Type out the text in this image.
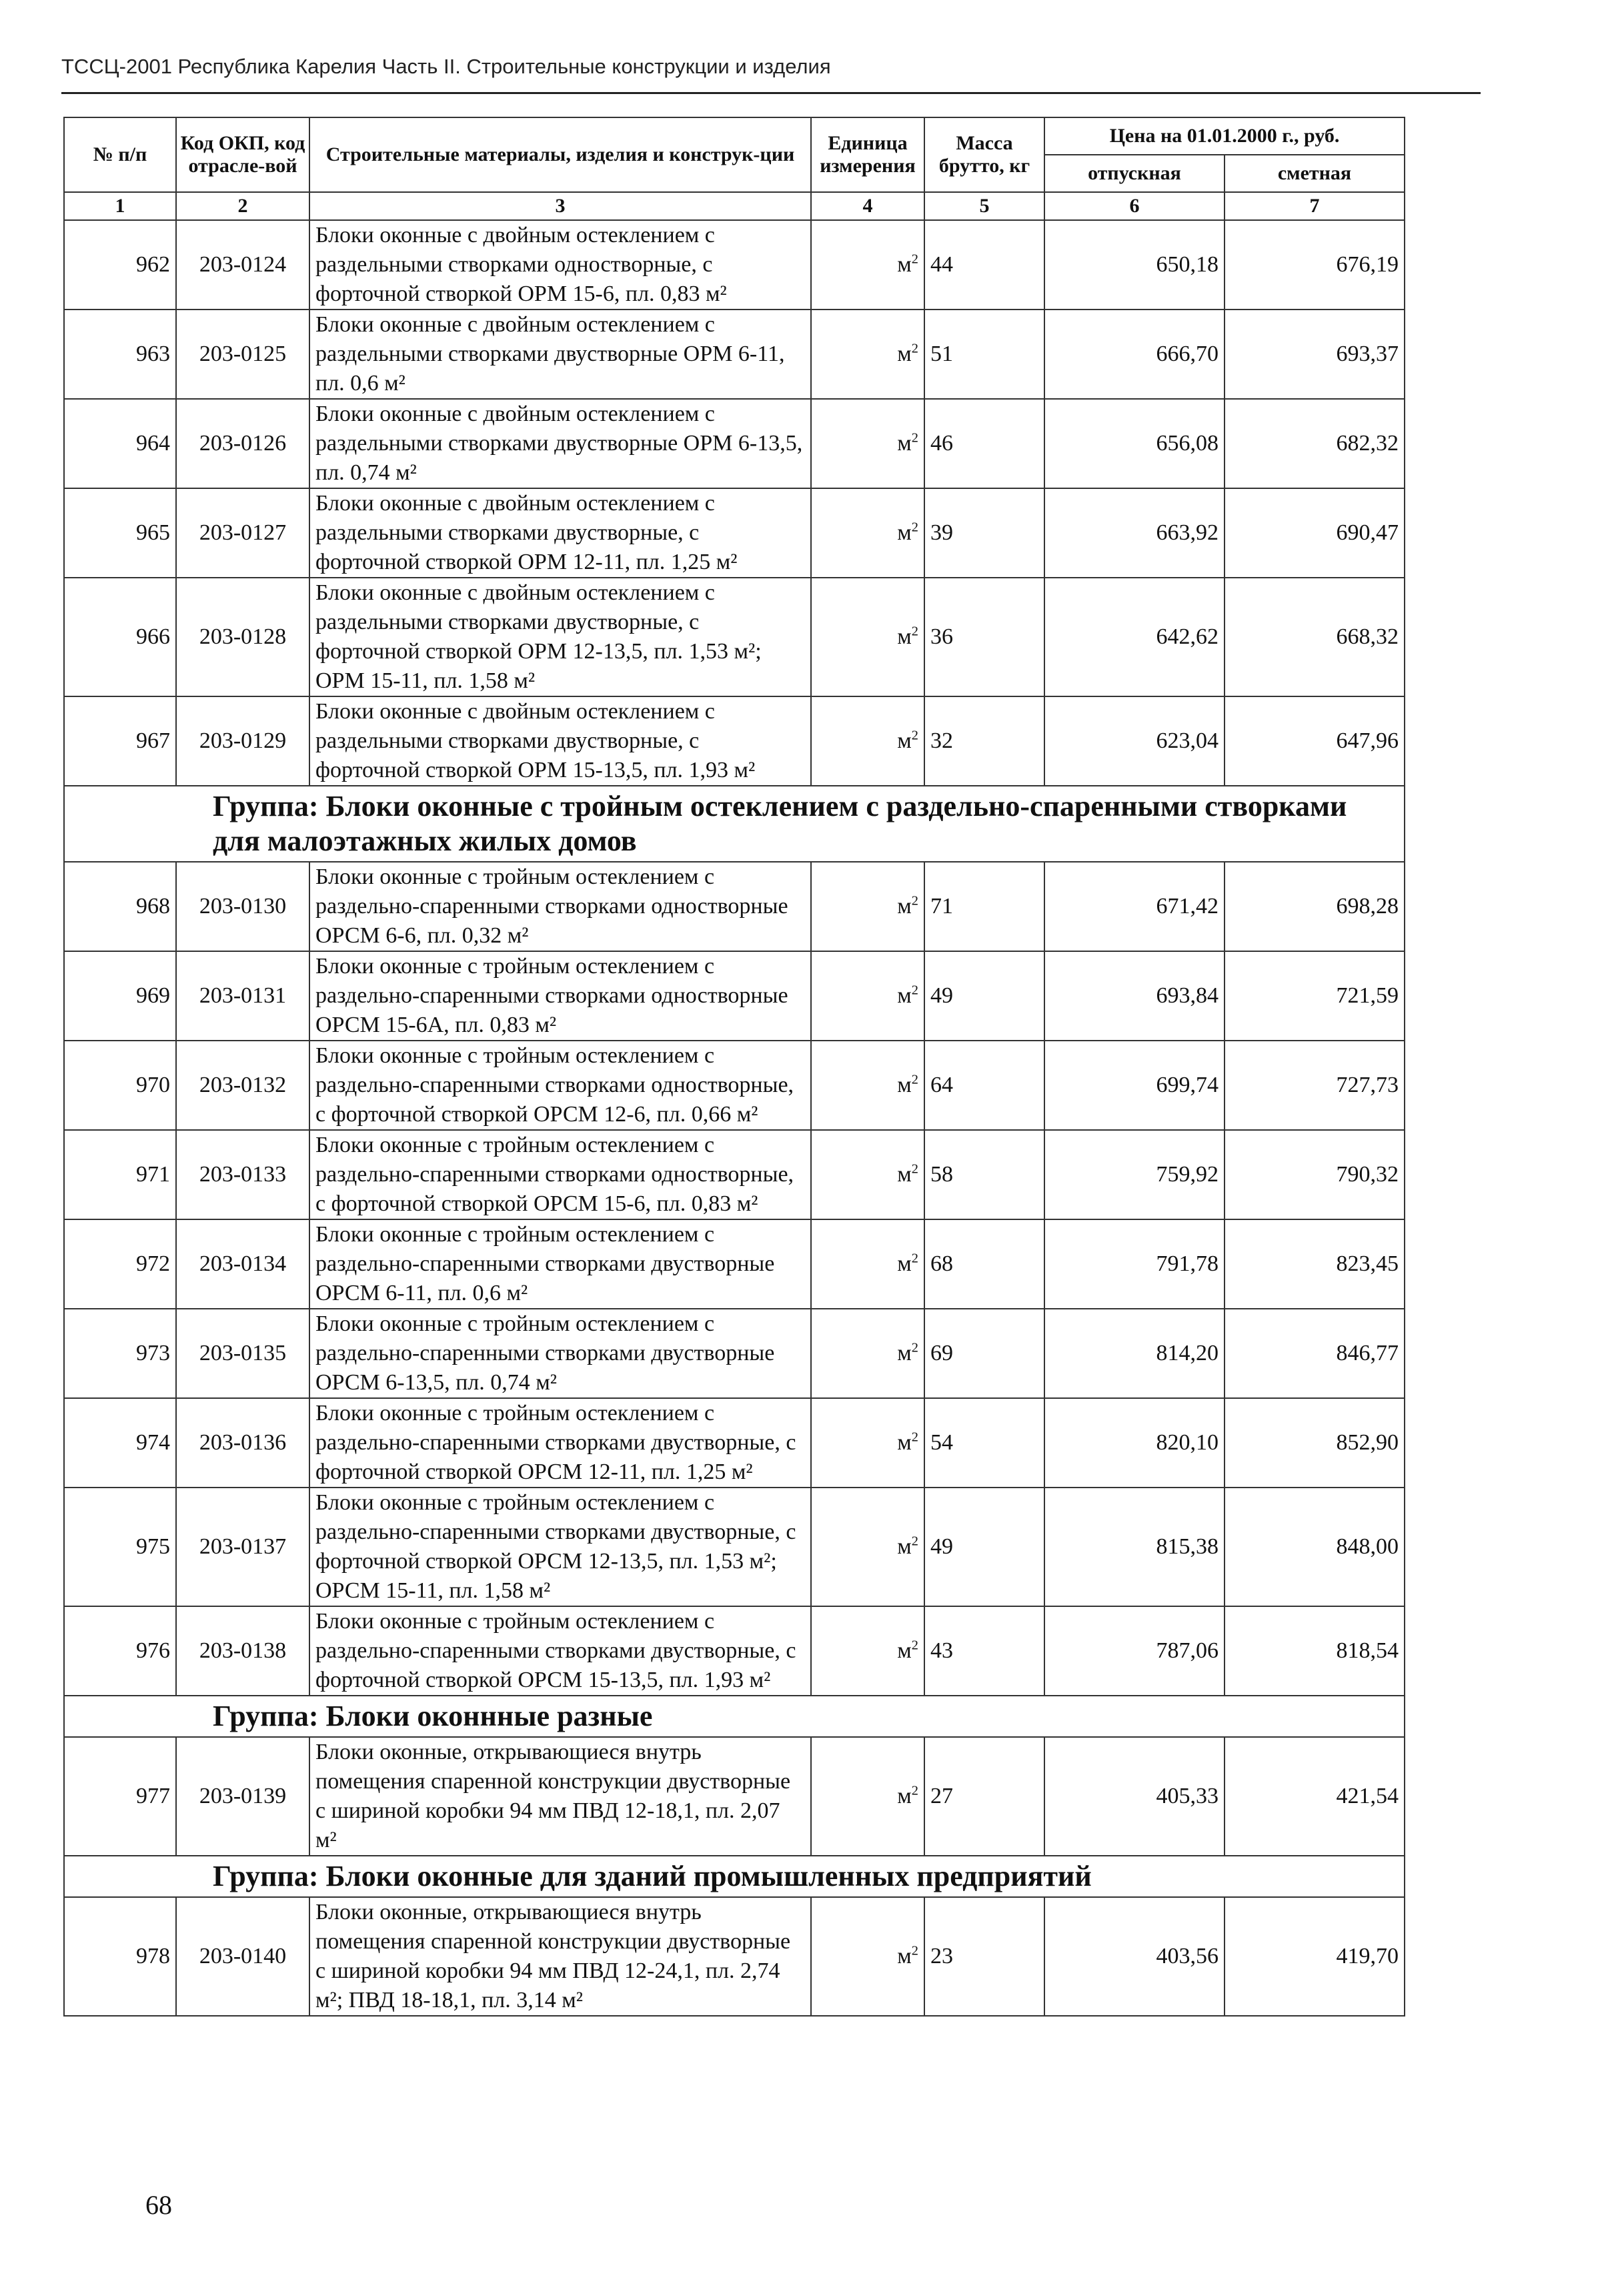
ТССЦ-2001 Республика Карелия Часть II. Строительные конструкции и изделия
№ п/п	Код ОКП, код отрасле-вой	Строительные материалы, изделия и конструк-ции	Единица измерения	Масса брутто, кг	Цена на 01.01.2000 г., руб.	
					отпускная	сметная
1	2	3	4	5	6	7
962	203-0124	Блоки оконные с двойным остеклением с раздельными створками одностворные, с форточной створкой ОРМ 15-6, пл. 0,83 м²	$м^2$	44	650,18	676,19
963	203-0125	Блоки оконные с двойным остеклением с раздельными створками двустворные ОРМ 6-11, пл. 0,6 м²	$м^2$	51	666,70	693,37
964	203-0126	Блоки оконные с двойным остеклением с раздельными створками двустворные ОРМ 6-13,5, пл. 0,74 м²	$м^2$	46	656,08	682,32
965	203-0127	Блоки оконные с двойным остеклением с раздельными створками двустворные, с форточной створкой ОРМ 12-11, пл. 1,25 м²	$м^2$	39	663,92	690,47
966	203-0128	Блоки оконные с двойным остеклением с раздельными створками двустворные, с форточной створкой ОРМ 12-13,5, пл. 1,53 м²; ОРМ 15-11, пл. 1,58 м²	$м^2$	36	642,62	668,32
967	203-0129	Блоки оконные с двойным остеклением с раздельными створками двустворные, с форточной створкой ОРМ 15-13,5, пл. 1,93 м²	$м^2$	32	623,04	647,96
Группа: Блоки оконные с тройным остеклением с раздельно-спаренными створками для малоэтажных жилых домов						
968	203-0130	Блоки оконные с тройным остеклением с раздельно-спаренными створками одностворные ОРСМ 6-6, пл. 0,32 м²	$м^2$	71	671,42	698,28
969	203-0131	Блоки оконные с тройным остеклением с раздельно-спаренными створками одностворные ОРСМ 15-6А, пл. 0,83 м²	$м^2$	49	693,84	721,59
970	203-0132	Блоки оконные с тройным остеклением с раздельно-спаренными створками одностворные, с форточной створкой ОРСМ 12-6, пл. 0,66 м²	$м^2$	64	699,74	727,73
971	203-0133	Блоки оконные с тройным остеклением с раздельно-спаренными створками одностворные, с форточной створкой ОРСМ 15-6, пл. 0,83 м²	$м^2$	58	759,92	790,32
972	203-0134	Блоки оконные с тройным остеклением с раздельно-спаренными створками двустворные ОРСМ 6-11, пл. 0,6 м²	$м^2$	68	791,78	823,45
973	203-0135	Блоки оконные с тройным остеклением с раздельно-спаренными створками двустворные ОРСМ 6-13,5, пл. 0,74 м²	$м^2$	69	814,20	846,77
974	203-0136	Блоки оконные с тройным остеклением с раздельно-спаренными створками двустворные, с форточной створкой ОРСМ 12-11, пл. 1,25 м²	$м^2$	54	820,10	852,90
975	203-0137	Блоки оконные с тройным остеклением с раздельно-спаренными створками двустворные, с форточной створкой ОРСМ 12-13,5, пл. 1,53 м²; ОРСМ 15-11, пл. 1,58 м²	$м^2$	49	815,38	848,00
976	203-0138	Блоки оконные с тройным остеклением с раздельно-спаренными створками двустворные, с форточной створкой ОРСМ 15-13,5, пл. 1,93 м²	$м^2$	43	787,06	818,54
Группа: Блоки оконнные разные						
977	203-0139	Блоки оконные, открывающиеся внутрь помещения спаренной конструкции двустворные с шириной коробки 94 мм ПВД 12-18,1, пл. 2,07 м²	$м^2$	27	405,33	421,54
Группа: Блоки оконные для зданий промышленных предприятий						
978	203-0140	Блоки оконные, открывающиеся внутрь помещения спаренной конструкции двустворные с шириной коробки 94 мм ПВД 12-24,1, пл. 2,74 м²; ПВД 18-18,1, пл. 3,14 м²	$м^2$	23	403,56	419,70
68
